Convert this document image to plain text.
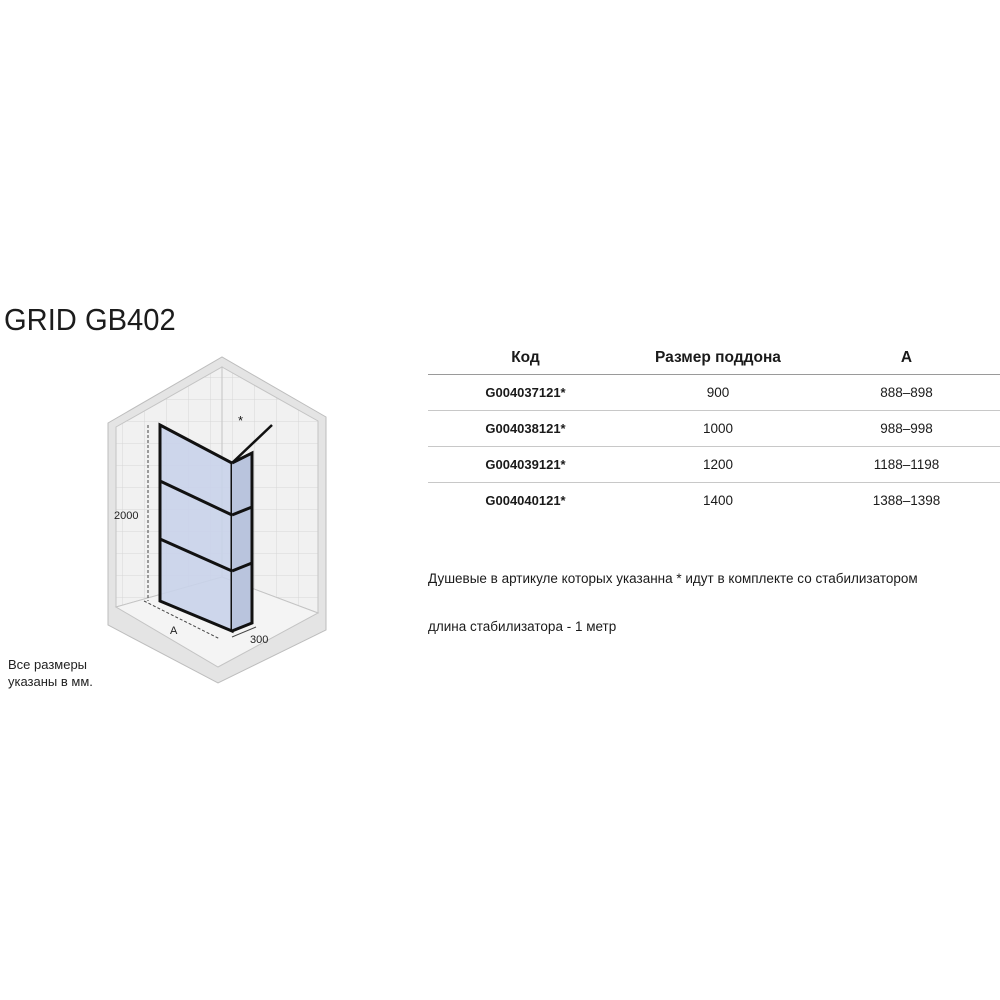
GRID GB402
2000
A
300
*
Все размеры
указаны в мм.
Код	Размер поддона	A
G004037121*	900	888–898
G004038121*	1000	988–998
G004039121*	1200	1188–1198
G004040121*	1400	1388–1398
Душевые в артикуле которых указанна * идут в комплекте со стабилизатором
длина стабилизатора - 1 метр
